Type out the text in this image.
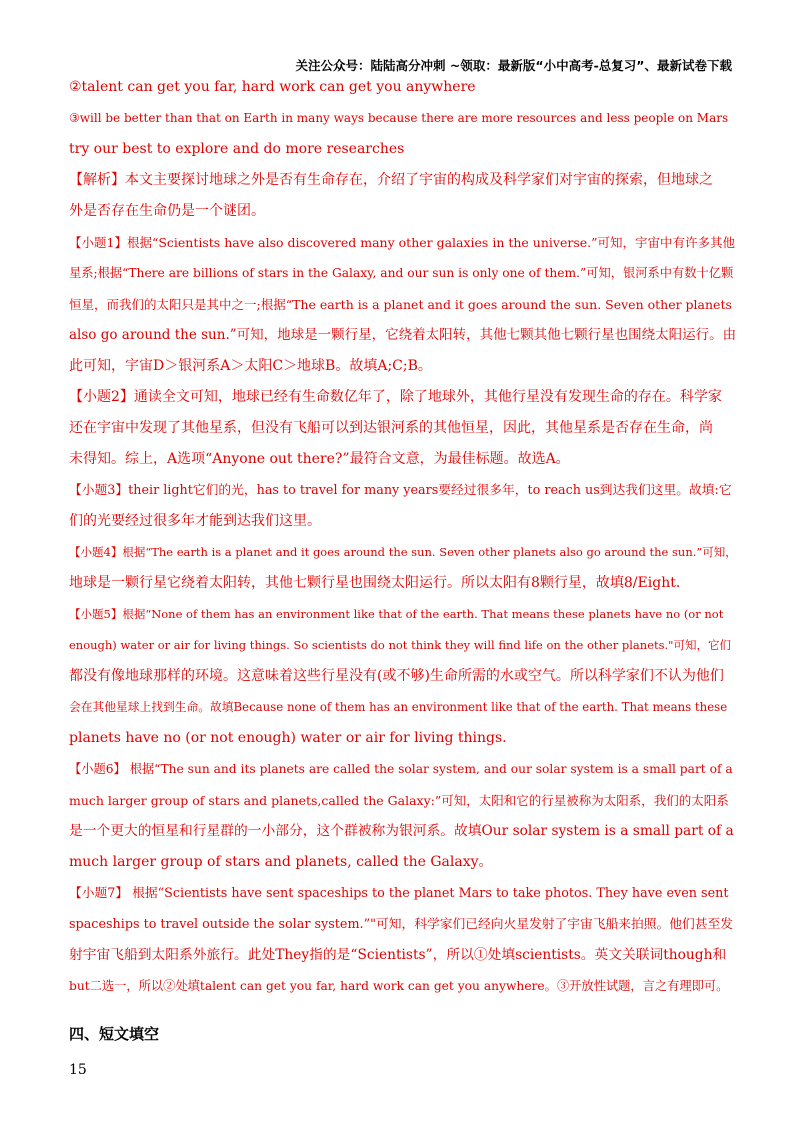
关注公众号：陆陆高分冲刺 ~领取：最新版“小中高考-总复习”、最新试卷下载
②talent can get you far, hard work can get you anywhere
③will be better than that on Earth in many ways because there are more resources and less people on Mars
try our best to explore and do more researches
【解析】本文主要探讨地球之外是否有生命存在，介绍了宇宙的构成及科学家们对宇宙的探索，但地球之
外是否存在生命仍是一个谜团。
【小题1】根据“Scientists have also discovered many other galaxies in the universe.”可知，宇宙中有许多其他
星系;根据“There are billions of stars in the Galaxy, and our sun is only one of them.”可知，银河系中有数十亿颗
恒星，而我们的太阳只是其中之一;根据“The earth is a planet and it goes around the sun. Seven other planets
also go around the sun.”可知，地球是一颗行星，它绕着太阳转，其他七颗其他七颗行星也围绕太阳运行。由
此可知，宇宙D＞银河系A＞太阳C＞地球B。故填A;C;B。
【小题2】通读全文可知，地球已经有生命数亿年了，除了地球外，其他行星没有发现生命的存在。科学家
还在宇宙中发现了其他星系，但没有飞船可以到达银河系的其他恒星，因此，其他星系是否存在生命，尚
未得知。综上，A选项“Anyone out there?”最符合文意，为最佳标题。故选A。
【小题3】their light它们的光，has to travel for many years要经过很多年，to reach us到达我们这里。故填:它
们的光要经过很多年才能到达我们这里。
【小题4】根据“The earth is a planet and it goes around the sun. Seven other planets also go around the sun.”可知，
地球是一颗行星它绕着太阳转，其他七颗行星也围绕太阳运行。所以太阳有8颗行星，故填8/Eight.
【小题5】根据“None of them has an environment like that of the earth. That means these planets have no (or not
enough) water or air for living things. So scientists do not think they will find life on the other planets."可知，它们
都没有像地球那样的环境。这意味着这些行星没有(或不够)生命所需的水或空气。所以科学家们不认为他们
会在其他星球上找到生命。故填Because none of them has an environment like that of the earth. That means these
planets have no (or not enough) water or air for living things.
【小题6】 根据“The sun and its planets are called the solar system, and our solar system is a small part of a
much larger group of stars and planets,called the Galaxy:”可知，太阳和它的行星被称为太阳系，我们的太阳系
是一个更大的恒星和行星群的一小部分，这个群被称为银河系。故填Our solar system is a small part of a
much larger group of stars and planets, called the Galaxy。
【小题7】 根据“Scientists have sent spaceships to the planet Mars to take photos. They have even sent
spaceships to travel outside the solar system.”"可知，科学家们已经向火星发射了宇宙飞船来拍照。他们甚至发
射宇宙飞船到太阳系外旅行。此处They指的是“Scientists”，所以①处填scientists。英文关联词though和
but二选一，所以②处填talent can get you far, hard work can get you anywhere。③开放性试题，言之有理即可。
四、短文填空
15
